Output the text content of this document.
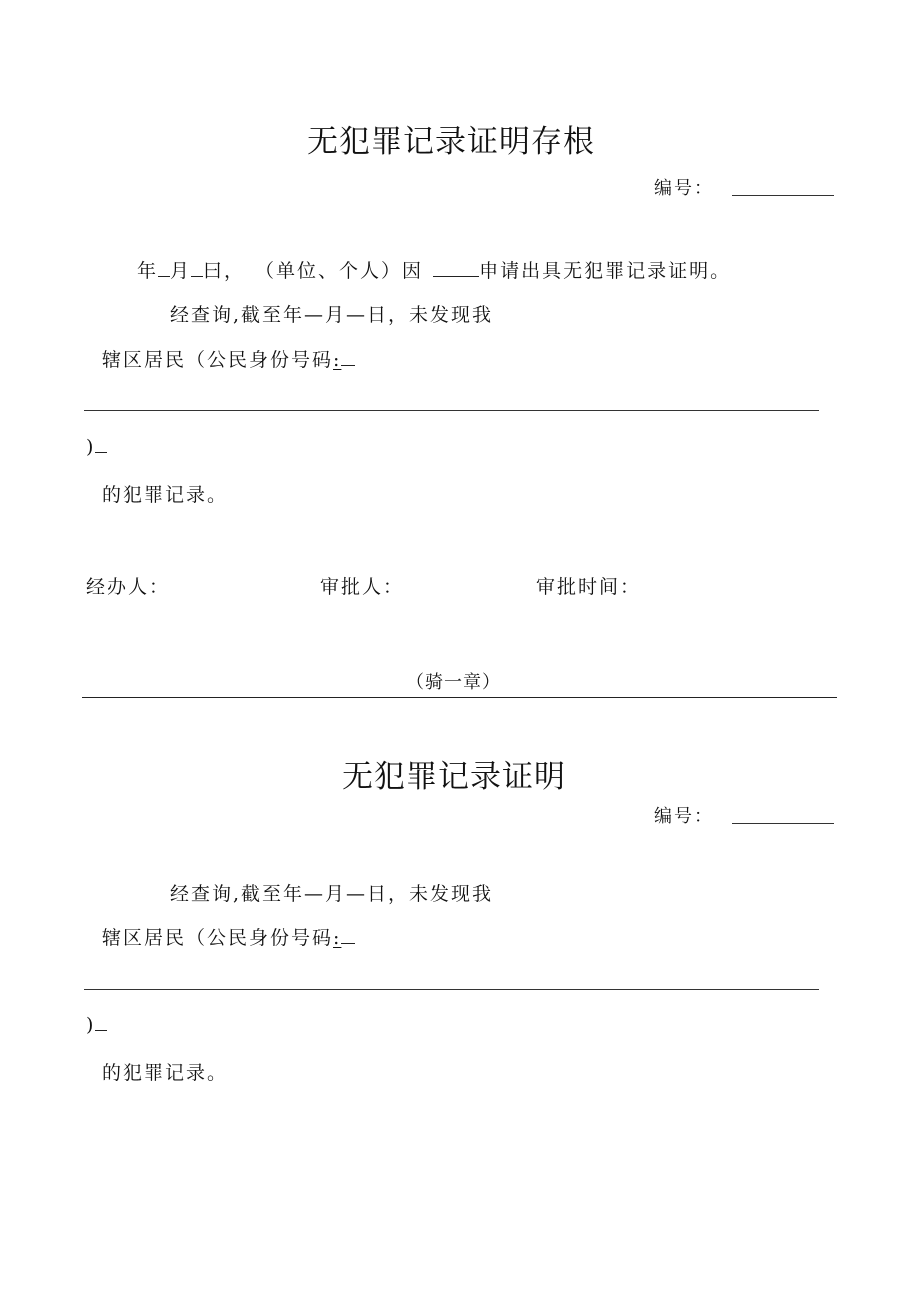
无犯罪记录证明存根
编号：
年 月 曰， （单位、个人）因	申请出具无犯罪记录证明。
经查询,截至年—月—日，未发现我
辖区居民（公民身份号码:
)
的犯罪记录。
经办人：	审批人：	审批时间：
（骑一章）
无犯罪记录证明
编号：
经查询,截至年—月—日，未发现我
辖区居民（公民身份号码:
)
的犯罪记录。
